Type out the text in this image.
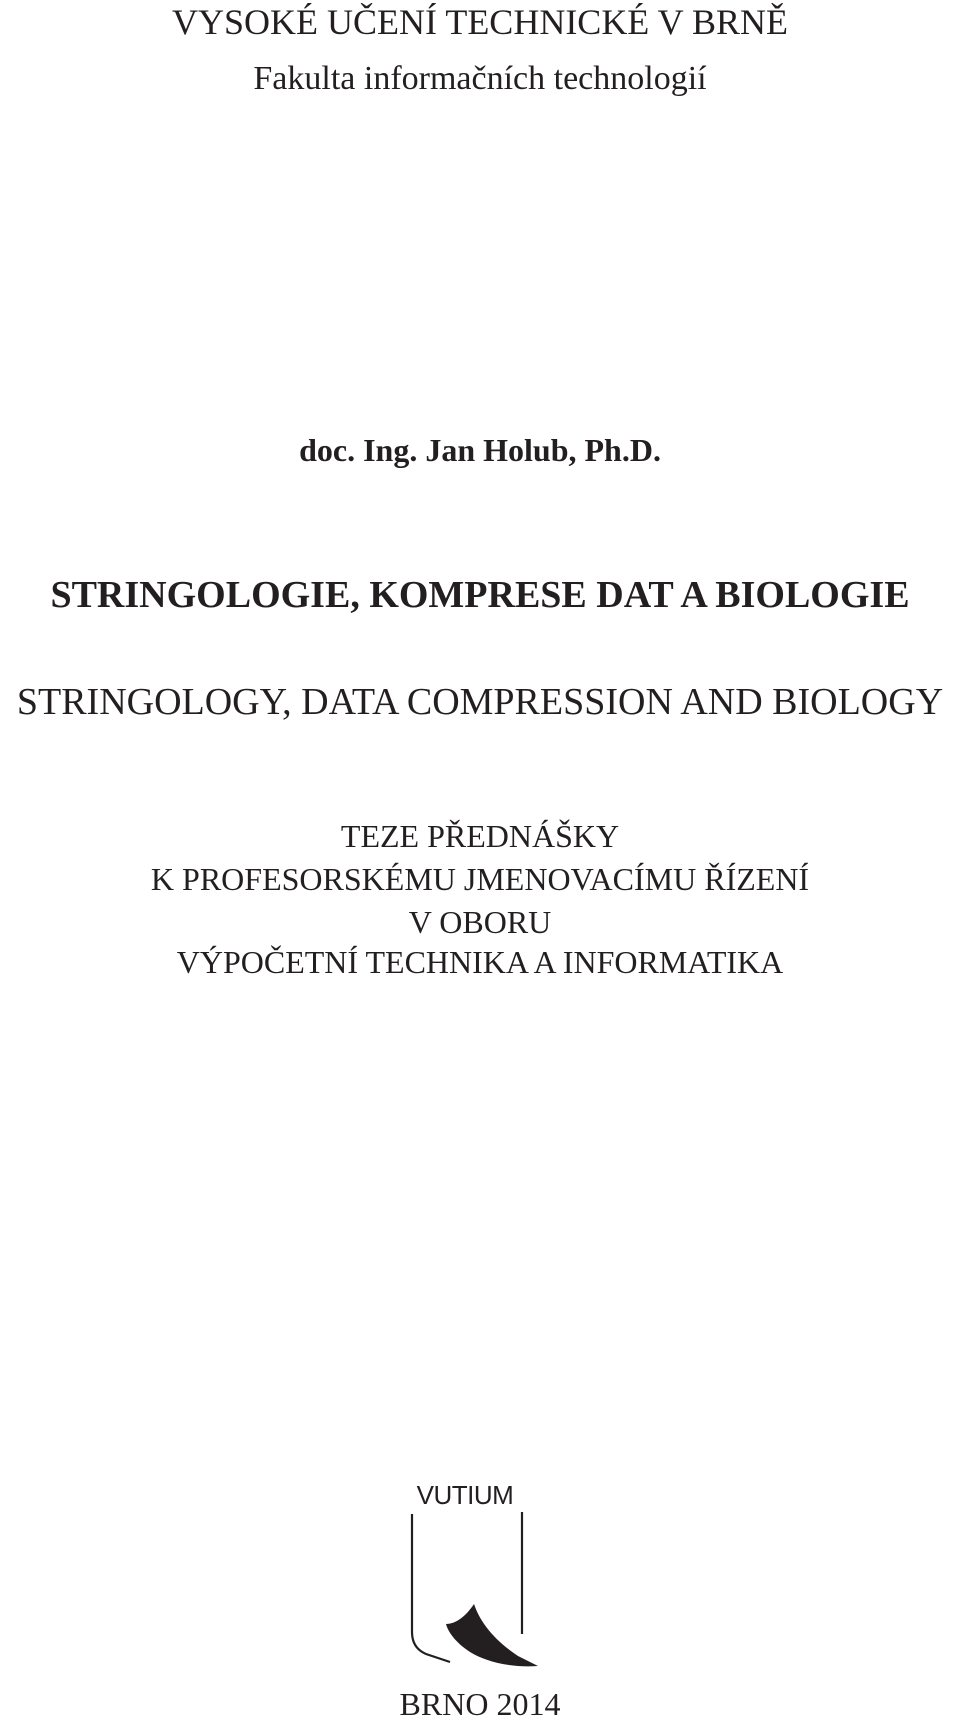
VYSOKÉ UČENÍ TECHNICKÉ V BRNĚ
Fakulta informačních technologií
doc. Ing. Jan Holub, Ph.D.
STRINGOLOGIE, KOMPRESE DAT A BIOLOGIE
STRINGOLOGY, DATA COMPRESSION AND BIOLOGY
TEZE PŘEDNÁŠKY
K PROFESORSKÉMU JMENOVACÍMU ŘÍZENÍ
V OBORU
VÝPOČETNÍ TECHNIKA A INFORMATIKA
VUTIUM
BRNO 2014
